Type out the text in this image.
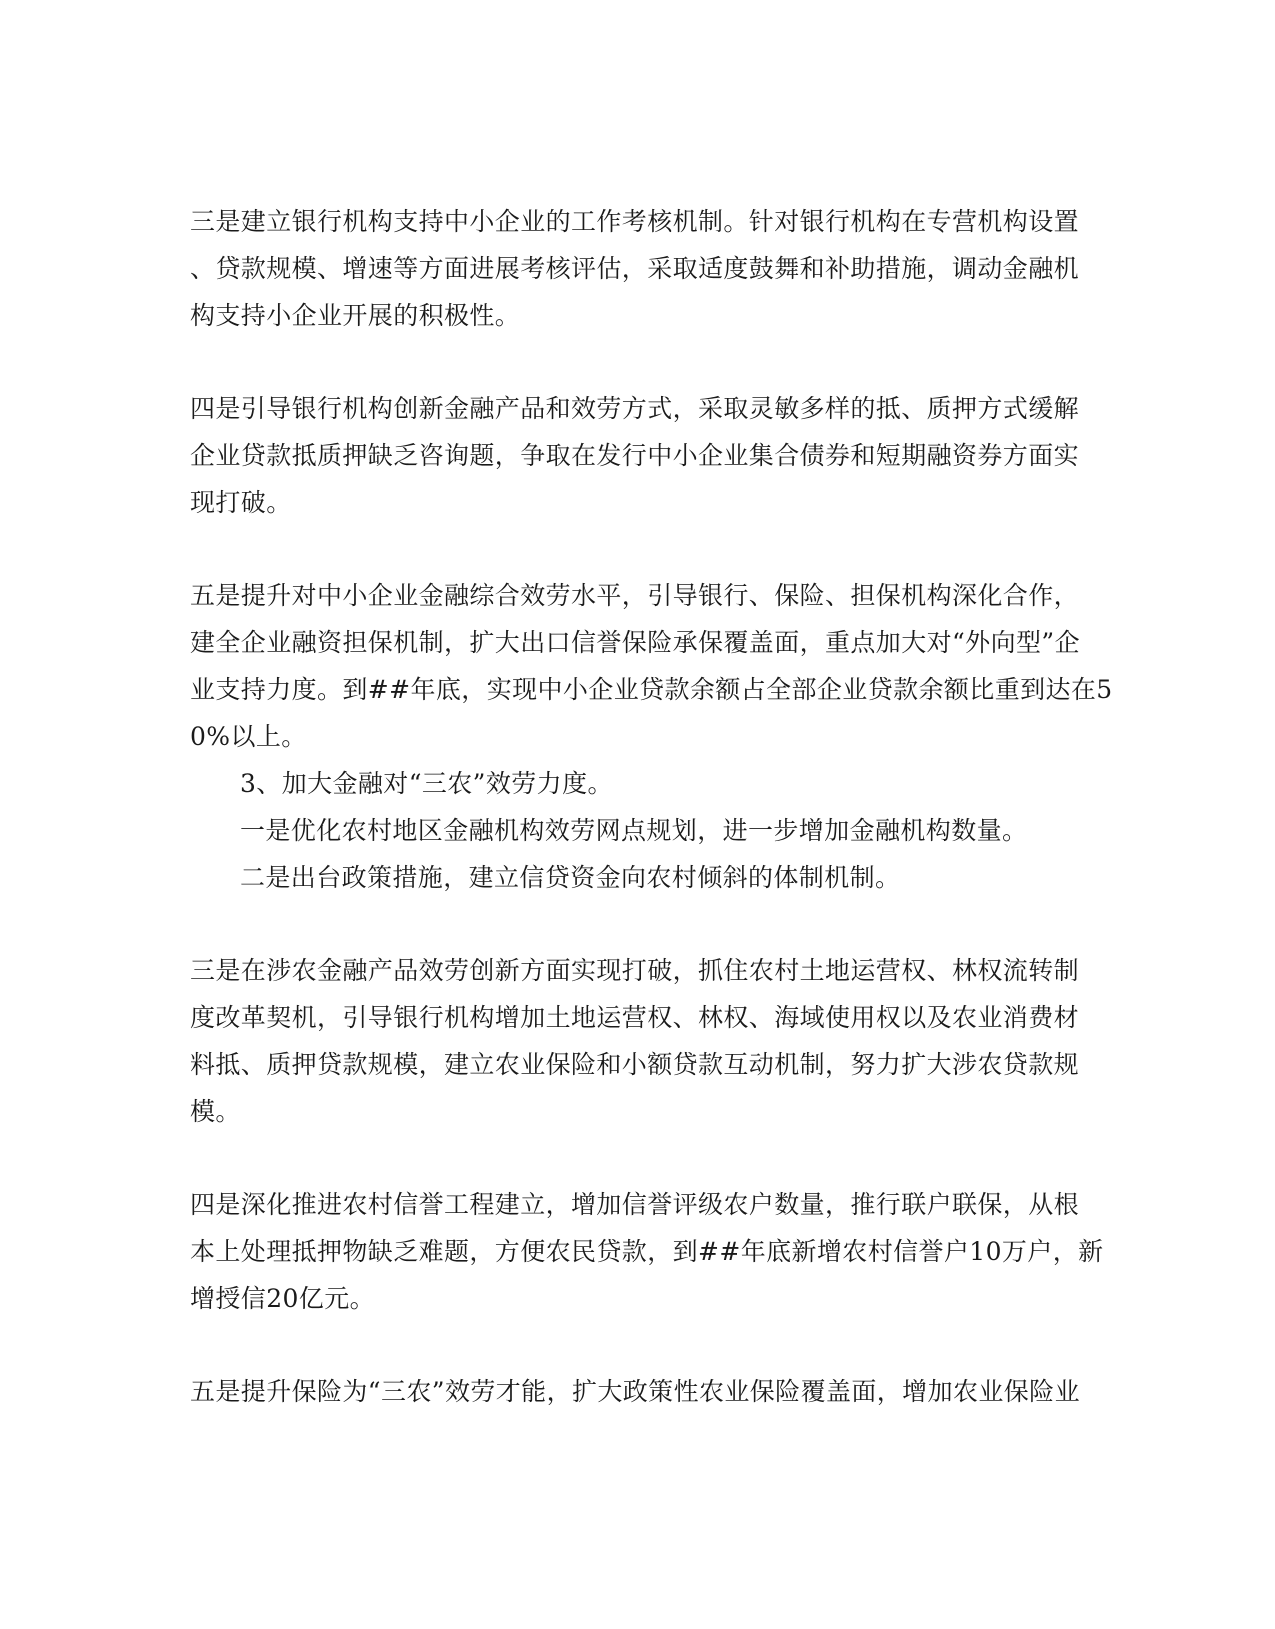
三是建立银行机构支持中小企业的工作考核机制。针对银行机构在专营机构设置
、贷款规模、增速等方面进展考核评估，采取适度鼓舞和补助措施，调动金融机
构支持小企业开展的积极性。
四是引导银行机构创新金融产品和效劳方式，采取灵敏多样的抵、质押方式缓解
企业贷款抵质押缺乏咨询题，争取在发行中小企业集合债券和短期融资券方面实
现打破。
五是提升对中小企业金融综合效劳水平，引导银行、保险、担保机构深化合作，
建全企业融资担保机制，扩大出口信誉保险承保覆盖面，重点加大对“外向型”企
业支持力度。到##年底，实现中小企业贷款余额占全部企业贷款余额比重到达在5
0%以上。
3、加大金融对“三农”效劳力度。
一是优化农村地区金融机构效劳网点规划，进一步增加金融机构数量。
二是出台政策措施，建立信贷资金向农村倾斜的体制机制。
三是在涉农金融产品效劳创新方面实现打破，抓住农村土地运营权、林权流转制
度改革契机，引导银行机构增加土地运营权、林权、海域使用权以及农业消费材
料抵、质押贷款规模，建立农业保险和小额贷款互动机制，努力扩大涉农贷款规
模。
四是深化推进农村信誉工程建立，增加信誉评级农户数量，推行联户联保，从根
本上处理抵押物缺乏难题，方便农民贷款，到##年底新增农村信誉户10万户，新
增授信20亿元。
五是提升保险为“三农”效劳才能，扩大政策性农业保险覆盖面，增加农业保险业
